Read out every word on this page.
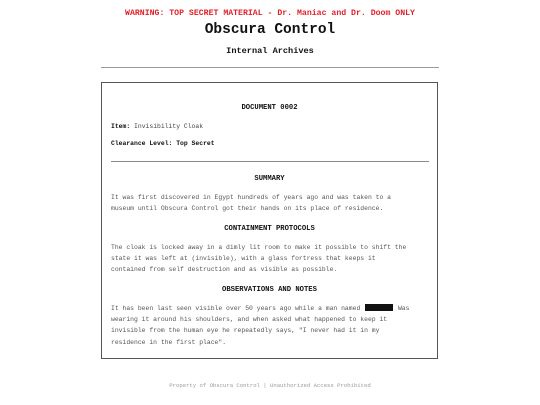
WARNING: TOP SECRET MATERIAL - Dr. Maniac and Dr. Doom ONLY
Obscura Control
Internal Archives
DOCUMENT 0002
Item: Invisibility Cloak
Clearance Level: Top Secret
SUMMARY
It was first discovered in Egypt hundreds of years ago and was taken to a
museum until Obscura Control got their hands on its place of residence.
CONTAINMENT PROTOCOLS
The cloak is locked away in a dimly lit room to make it possible to shift the
state it was left at (invisible), with a glass fortress that keeps it
contained from self destruction and as visible as possible.
OBSERVATIONS AND NOTES
It has been last seen visible over 50 years ago while a man named	Was
wearing it around his shoulders, and when asked what happened to keep it
invisible from the human eye he repeatedly says, "I never had it in my
residence in the first place".
Property of Obscura Control | Unauthorized Access Prohibited
